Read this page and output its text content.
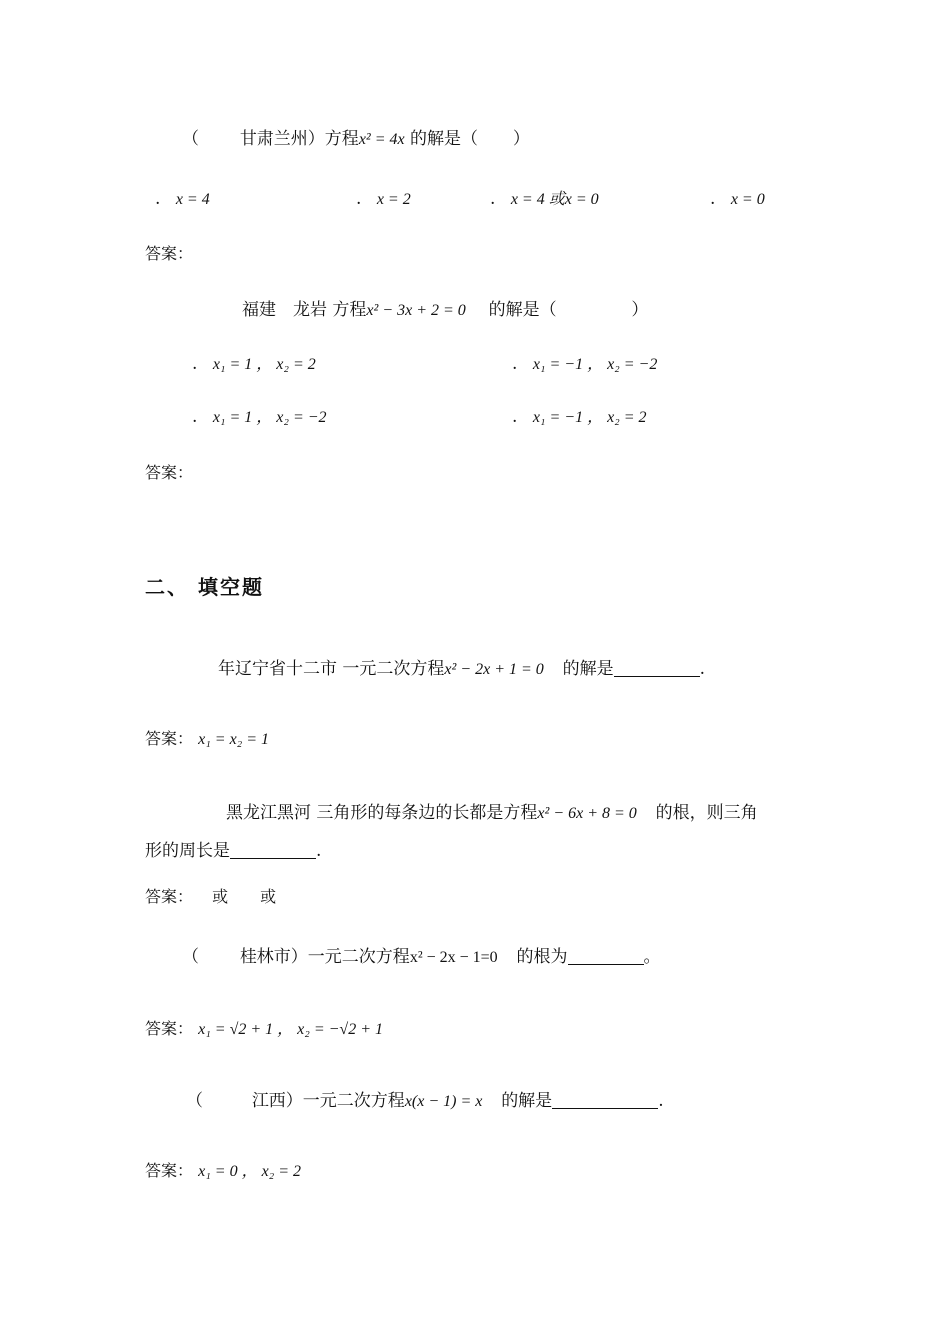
（ 甘肃兰州）方程x² = 4x 的解是（ ）
. x = 4	. x = 2	. x = 4 或x = 0	. x = 0
答案：
福建　龙岩 方程x² − 3x + 2 = 0 的解是（	）
. x₁ = 1 ， x₂ = 2	. x₁ = −1 ， x₂ = −2
. x₁ = 1 ， x₂ = −2	. x₁ = −1 ， x₂ = 2
答案：
二、 填空题
年辽宁省十二市 一元二次方程x² − 2x + 1 = 0 的解是	.
答案： x₁ = x₂ = 1
黑龙江黑河 三角形的每条边的长都是方程x² − 6x + 8 = 0 的根，则三角
形的周长是	.
答案： 或　　或
（ 桂林市）一元二次方程x² − 2x − 1=0 的根为	。
答案： x₁ = √2 + 1 ， x₂ = −√2 + 1
（	江西）一元二次方程x(x − 1) = x 的解是	.
答案： x₁ = 0 ， x₂ = 2
